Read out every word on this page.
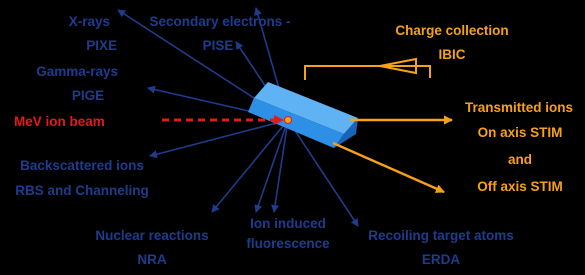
X-rays
PIXE
Secondary electrons -
PISE
Gamma-rays
PIGE
MeV ion beam
Charge collection
IBIC
Transmitted ions
On axis STIM
and
Off axis STIM
Backscattered ions
RBS and Channeling
Nuclear reactions
NRA
Ion induced
fluorescence
Recoiling target atoms
ERDA
